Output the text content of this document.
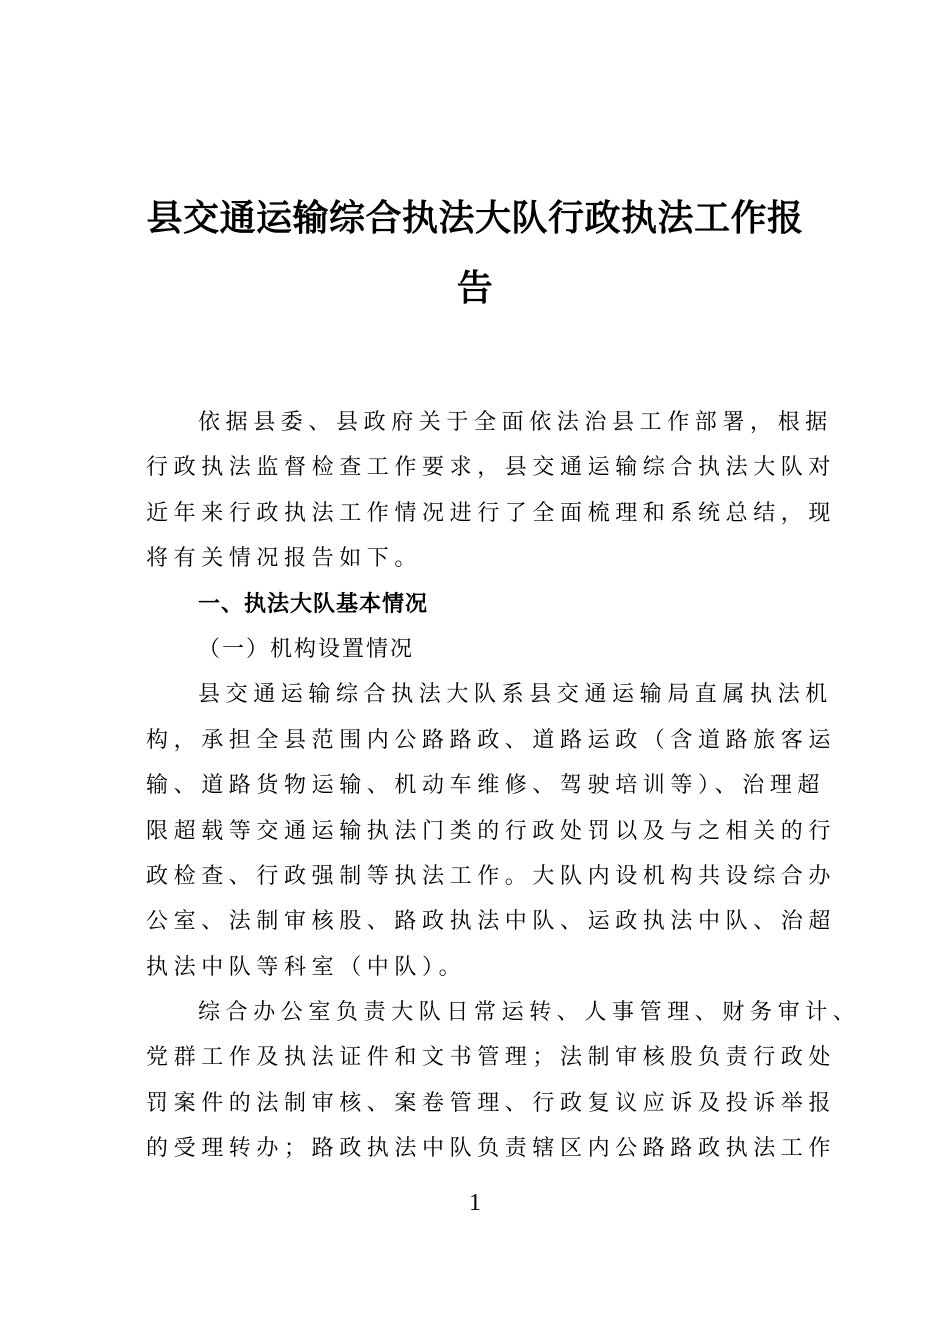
县交通运输综合执法大队行政执法工作报
告
依据县委、县政府关于全面依法治县工作部署，根据
行政执法监督检查工作要求，县交通运输综合执法大队对
近年来行政执法工作情况进行了全面梳理和系统总结，现
将有关情况报告如下。
一、执法大队基本情况
（一）机构设置情况
县交通运输综合执法大队系县交通运输局直属执法机
构，承担全县范围内公路路政、道路运政（含道路旅客运
输、道路货物运输、机动车维修、驾驶培训等）、治理超
限超载等交通运输执法门类的行政处罚以及与之相关的行
政检查、行政强制等执法工作。大队内设机构共设综合办
公室、法制审核股、路政执法中队、运政执法中队、治超
执法中队等科室（中队）。
综合办公室负责大队日常运转、人事管理、财务审计、
党群工作及执法证件和文书管理；法制审核股负责行政处
罚案件的法制审核、案卷管理、行政复议应诉及投诉举报
的受理转办；路政执法中队负责辖区内公路路政执法工作
1
